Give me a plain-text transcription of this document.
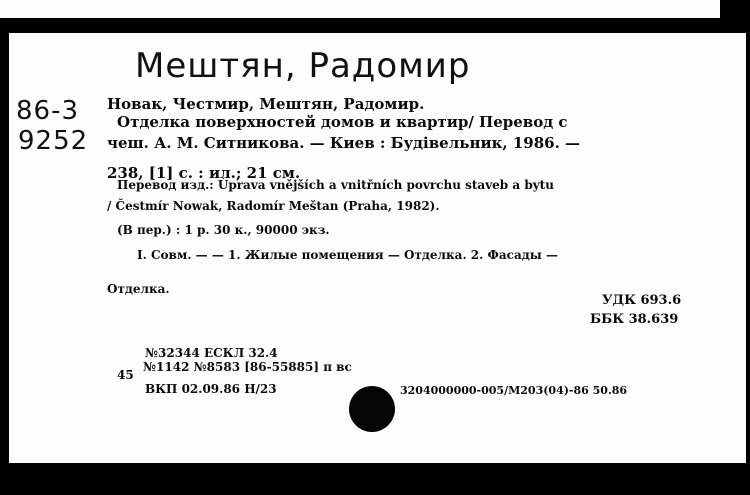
Мештян, Радомир
86-3
9252
Новак, Честмир, Мештян, Радомир.
Отделка поверхностей домов и квартир/ Перевод с
чеш. А. М. Ситникова. — Киев : Будівельник, 1986. —
238, [1] с. : ил.; 21 см.
Перевод изд.: Úprava vnějších a vnitřních povrchu staveb a bytu
/ Čestmír Nowak, Radomír Meštan (Praha, 1982).
(В пер.) : 1 р. 30 к., 90000 экз.
I. Совм. — — 1. Жилые помещения — Отделка. 2. Фасады —
Отделка.
УДК 693.6
ББК 38.639
№32344 ЕСКЛ 32.4
45
№1142 №8583 [86-55885] п вс
ВКП 02.09.86 Н/23	3204000000-005/М203(04)-86 50.86
